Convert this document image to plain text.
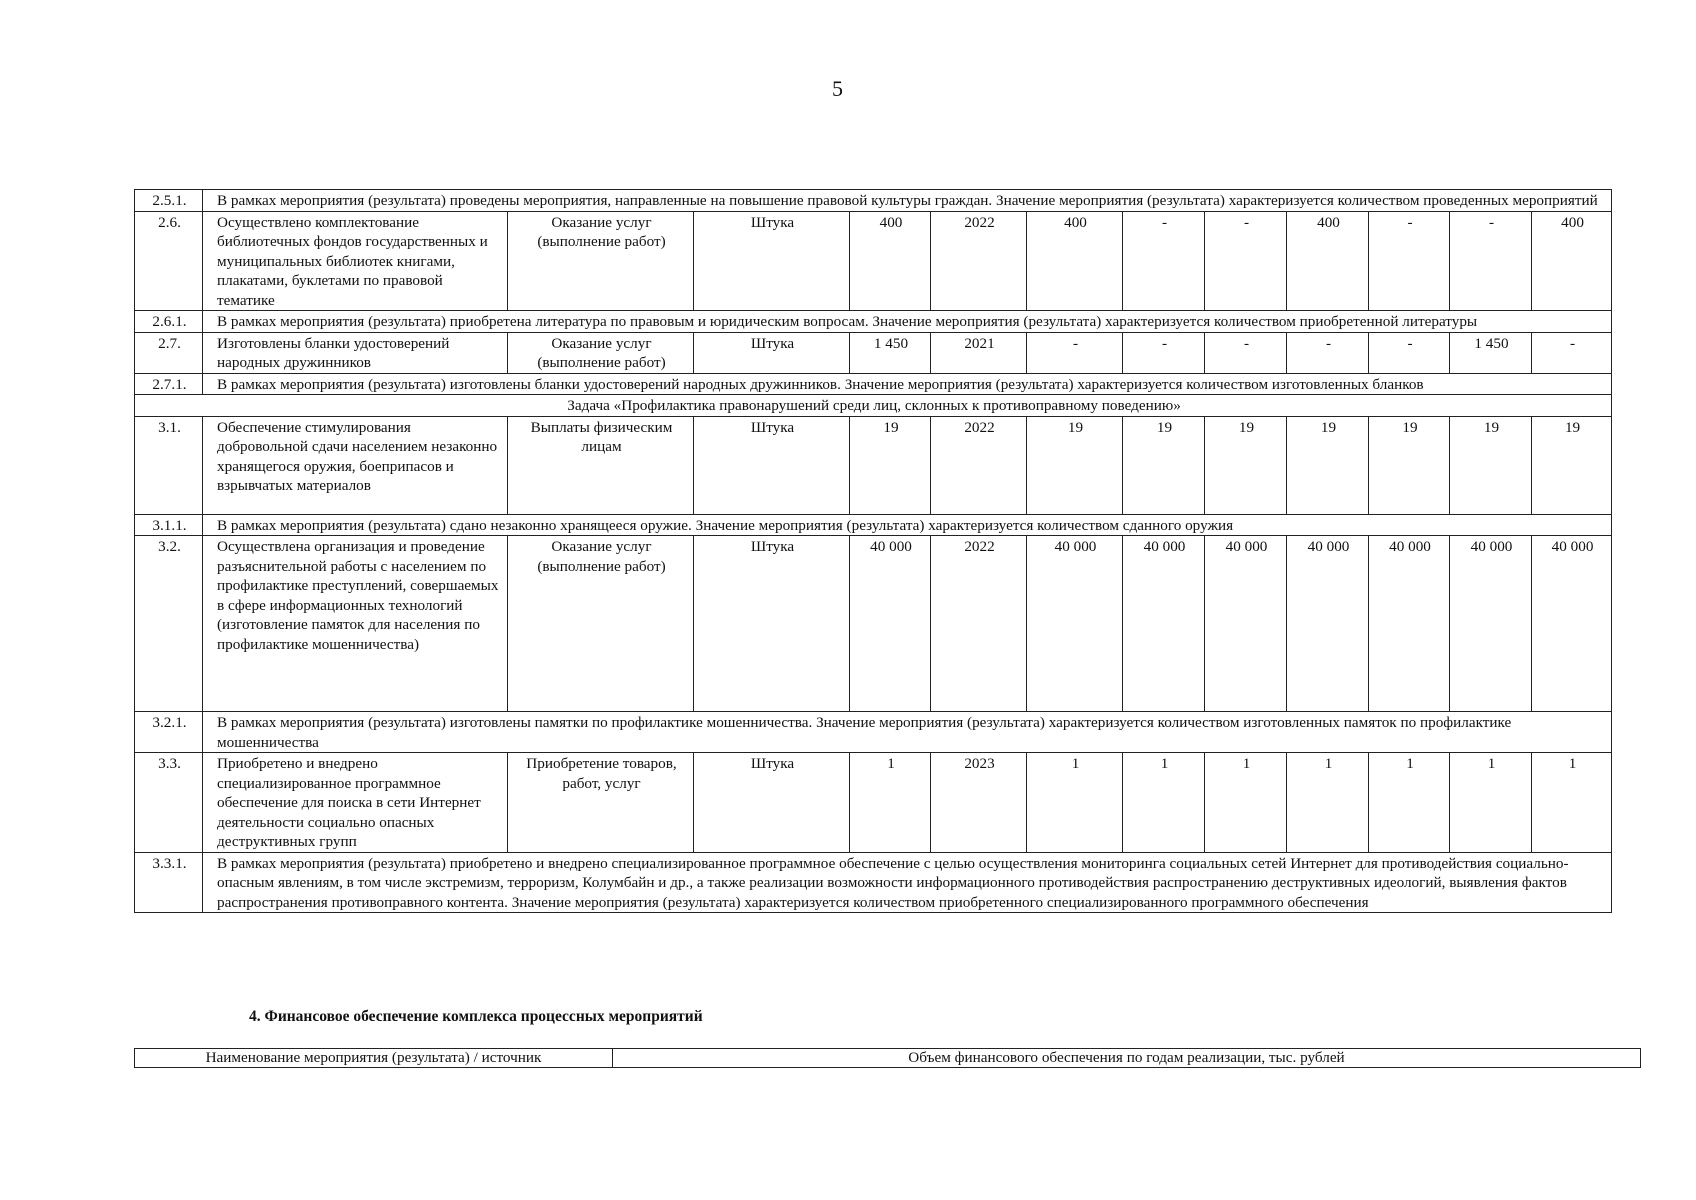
5
2.5.1.	В рамках мероприятия (результата) проведены мероприятия, направленные на повышение правовой культуры граждан. Значение мероприятия (результата) характеризуется количеством проведенных мероприятий											
2.6.	Осуществлено комплектование библиотечных фондов государственных и муниципальных библиотек книгами, плакатами, буклетами по правовой тематике	Оказание услуг (выполнение работ)	Штука	400	2022	400	-	-	400	-	-	400
2.6.1.	В рамках мероприятия (результата) приобретена литература по правовым и юридическим вопросам. Значение мероприятия (результата) характеризуется количеством приобретенной литературы											
2.7.	Изготовлены бланки удостоверений народных дружинников	Оказание услуг (выполнение работ)	Штука	1 450	2021	-	-	-	-	-	1 450	-
2.7.1.	В рамках мероприятия (результата) изготовлены бланки удостоверений народных дружинников. Значение мероприятия (результата) характеризуется количеством изготовленных бланков											
Задача «Профилактика правонарушений среди лиц, склонных к противоправному поведению»												
3.1.	Обеспечение стимулирования добровольной сдачи населением незаконно хранящегося оружия, боеприпасов и взрывчатых материалов	Выплаты физическим лицам	Штука	19	2022	19	19	19	19	19	19	19
3.1.1.	В рамках мероприятия (результата) сдано незаконно хранящееся оружие. Значение мероприятия (результата) характеризуется количеством сданного оружия											
3.2.	Осуществлена организация и проведение разъяснительной работы с населением по профилактике преступлений, совершаемых в сфере информационных технологий (изготовление памяток для населения по профилактике мошенничества)	Оказание услуг (выполнение работ)	Штука	40 000	2022	40 000	40 000	40 000	40 000	40 000	40 000	40 000
3.2.1.	В рамках мероприятия (результата) изготовлены памятки по профилактике мошенничества. Значение мероприятия (результата) характеризуется количеством изготовленных памяток по профилактике мошенничества											
3.3.	Приобретено и внедрено специализированное программное обеспечение для поиска в сети Интернет деятельности социально опасных деструктивных групп	Приобретение товаров, работ, услуг	Штука	1	2023	1	1	1	1	1	1	1
3.3.1.	В рамках мероприятия (результата) приобретено и внедрено специализированное программное обеспечение с целью осуществления мониторинга социальных сетей Интернет для противодействия социально-опасным явлениям, в том числе экстремизм, терроризм, Колумбайн и др., а также реализации возможности информационного противодействия распространению деструктивных идеологий, выявления фактов распространения противоправного контента. Значение мероприятия (результата) характеризуется количеством приобретенного специализированного программного обеспечения											
4. Финансовое обеспечение комплекса процессных мероприятий
Наименование мероприятия (результата) / источник	Объем финансового обеспечения по годам реализации, тыс. рублей
